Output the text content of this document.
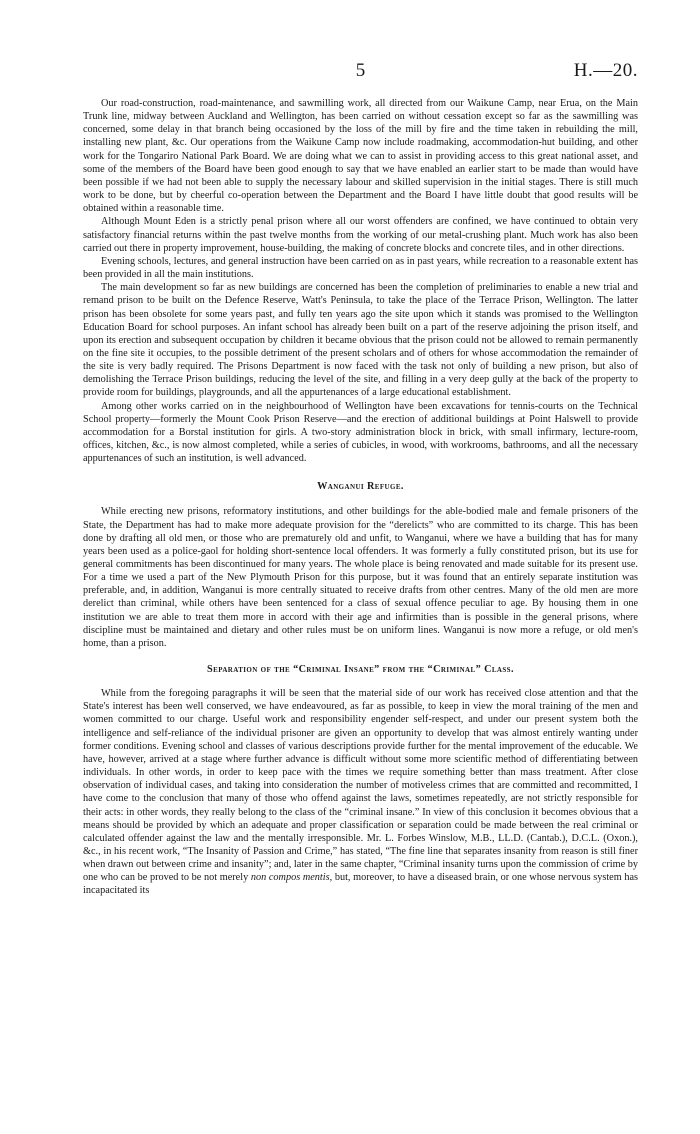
5	H.—20.

Our road-construction, road-maintenance, and sawmilling work, all directed from our Waikune Camp, near Erua, on the Main Trunk line, midway between Auckland and Wellington, has been carried on without cessation except so far as the sawmilling was concerned, some delay in that branch being occasioned by the loss of the mill by fire and the time taken in rebuilding the mill, installing new plant, &c. Our operations from the Waikune Camp now include roadmaking, accommodation-hut building, and other work for the Tongariro National Park Board. We are doing what we can to assist in providing access to this great national asset, and some of the members of the Board have been good enough to say that we have enabled an earlier start to be made than would have been possible if we had not been able to supply the necessary labour and skilled supervision in the initial stages. There is still much work to be done, but by cheerful co-operation between the Department and the Board I have little doubt that good results will be obtained within a reasonable time.

Although Mount Eden is a strictly penal prison where all our worst offenders are confined, we have continued to obtain very satisfactory financial returns within the past twelve months from the working of our metal-crushing plant. Much work has also been carried out there in property improvement, house-building, the making of concrete blocks and concrete tiles, and in other directions.

Evening schools, lectures, and general instruction have been carried on as in past years, while recreation to a reasonable extent has been provided in all the main institutions.

The main development so far as new buildings are concerned has been the completion of preliminaries to enable a new trial and remand prison to be built on the Defence Reserve, Watt's Peninsula, to take the place of the Terrace Prison, Wellington. The latter prison has been obsolete for some years past, and fully ten years ago the site upon which it stands was promised to the Wellington Education Board for school purposes. An infant school has already been built on a part of the reserve adjoining the prison itself, and upon its erection and subsequent occupation by children it became obvious that the prison could not be allowed to remain permanently on the fine site it occupies, to the possible detriment of the present scholars and of others for whose accommodation the remainder of the site is very badly required. The Prisons Department is now faced with the task not only of building a new prison, but also of demolishing the Terrace Prison buildings, reducing the level of the site, and filling in a very deep gully at the back of the property to provide room for buildings, playgrounds, and all the appurtenances of a large educational establishment.

Among other works carried on in the neighbourhood of Wellington have been excavations for tennis-courts on the Technical School property—formerly the Mount Cook Prison Reserve—and the erection of additional buildings at Point Halswell to provide accommodation for a Borstal institution for girls. A two-story administration block in brick, with small infirmary, lecture-room, offices, kitchen, &c., is now almost completed, while a series of cubicles, in wood, with workrooms, bathrooms, and all the necessary appurtenances of such an institution, is well advanced.

Wanganui Refuge.

While erecting new prisons, reformatory institutions, and other buildings for the able-bodied male and female prisoners of the State, the Department has had to make more adequate provision for the “derelicts” who are committed to its charge. This has been done by drafting all old men, or those who are prematurely old and unfit, to Wanganui, where we have a building that has for many years been used as a police-gaol for holding short-sentence local offenders. It was formerly a fully constituted prison, but its use for general commitments has been discontinued for many years. The whole place is being renovated and made suitable for its present use. For a time we used a part of the New Plymouth Prison for this purpose, but it was found that an entirely separate institution was preferable, and, in addition, Wanganui is more centrally situated to receive drafts from other centres. Many of the old men are more derelict than criminal, while others have been sentenced for a class of sexual offence peculiar to age. By housing them in one institution we are able to treat them more in accord with their age and infirmities than is possible in the general prisons, where discipline must be maintained and dietary and other rules must be on uniform lines. Wanganui is now more a refuge, or old men's home, than a prison.

Separation of the “Criminal Insane” from the “Criminal” Class.

While from the foregoing paragraphs it will be seen that the material side of our work has received close attention and that the State's interest has been well conserved, we have endeavoured, as far as possible, to keep in view the moral training of the men and women committed to our charge. Useful work and responsibility engender self-respect, and under our present system both the intelligence and self-reliance of the individual prisoner are given an opportunity to develop that was almost entirely wanting under former conditions. Evening school and classes of various descriptions provide further for the mental improvement of the educable. We have, however, arrived at a stage where further advance is difficult without some more scientific method of differentiating between individuals. In other words, in order to keep pace with the times we require something better than mass treatment. After close observation of individual cases, and taking into consideration the number of motiveless crimes that are committed and recommitted, I have come to the conclusion that many of those who offend against the laws, sometimes repeatedly, are not strictly responsible for their acts: in other words, they really belong to the class of the “criminal insane.” In view of this conclusion it becomes obvious that a means should be provided by which an adequate and proper classification or separation could be made between the real criminal or calculated offender against the law and the mentally irresponsible. Mr. L. Forbes Winslow, M.B., LL.D. (Cantab.), D.C.L. (Oxon.), &c., in his recent work, “The Insanity of Passion and Crime,” has stated, “The fine line that separates insanity from reason is still finer when drawn out between crime and insanity”; and, later in the same chapter, “Criminal insanity turns upon the commission of crime by one who can be proved to be not merely non compos mentis, but, moreover, to have a diseased brain, or one whose nervous system has incapacitated its
